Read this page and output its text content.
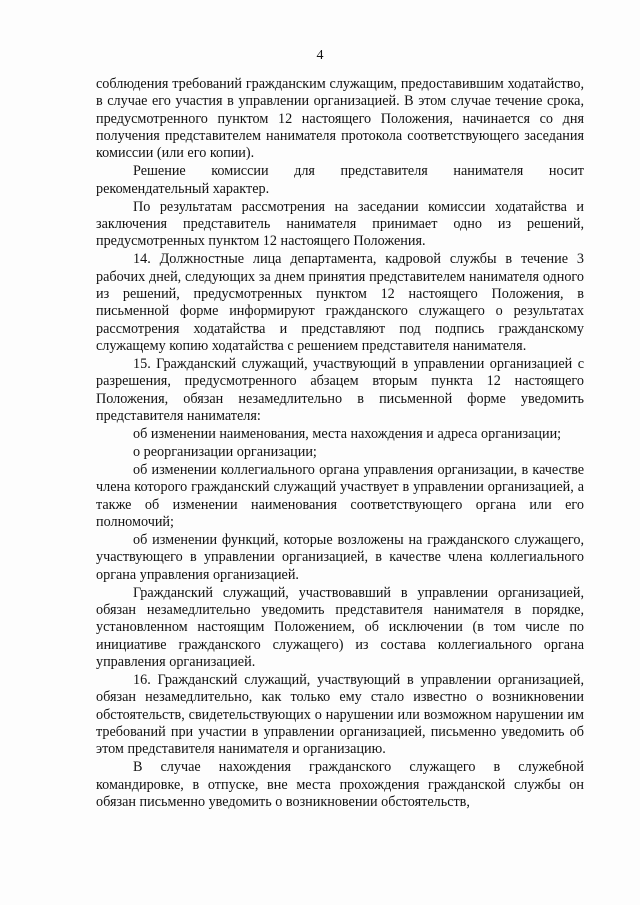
4

соблюдения требований гражданским служащим, предоставившим ходатайство, в случае его участия в управлении организацией. В этом случае течение срока, предусмотренного пунктом 12 настоящего Положения, начинается со дня получения представителем нанимателя протокола соответствующего заседания комиссии (или его копии).

Решение комиссии для представителя нанимателя носит рекомендательный характер.

По результатам рассмотрения на заседании комиссии ходатайства и заключения представитель нанимателя принимает одно из решений, предусмотренных пунктом 12 настоящего Положения.

14. Должностные лица департамента, кадровой службы в течение 3 рабочих дней, следующих за днем принятия представителем нанимателя одного из решений, предусмотренных пунктом 12 настоящего Положения, в письменной форме информируют гражданского служащего о результатах рассмотрения ходатайства и представляют под подпись гражданскому служащему копию ходатайства с решением представителя нанимателя.

15. Гражданский служащий, участвующий в управлении организацией с разрешения, предусмотренного абзацем вторым пункта 12 настоящего Положения, обязан незамедлительно в письменной форме уведомить представителя нанимателя:

об изменении наименования, места нахождения и адреса организации;

о реорганизации организации;

об изменении коллегиального органа управления организации, в качестве члена которого гражданский служащий участвует в управлении организацией, а также об изменении наименования соответствующего органа или его полномочий;

об изменении функций, которые возложены на гражданского служащего, участвующего в управлении организацией, в качестве члена коллегиального органа управления организацией.

Гражданский служащий, участвовавший в управлении организацией, обязан незамедлительно уведомить представителя нанимателя в порядке, установленном настоящим Положением, об исключении (в том числе по инициативе гражданского служащего) из состава коллегиального органа управления организацией.

16. Гражданский служащий, участвующий в управлении организацией, обязан незамедлительно, как только ему стало известно о возникновении обстоятельств, свидетельствующих о нарушении или возможном нарушении им требований при участии в управлении организацией, письменно уведомить об этом представителя нанимателя и организацию.

В случае нахождения гражданского служащего в служебной командировке, в отпуске, вне места прохождения гражданской службы он обязан письменно уведомить о возникновении обстоятельств,
